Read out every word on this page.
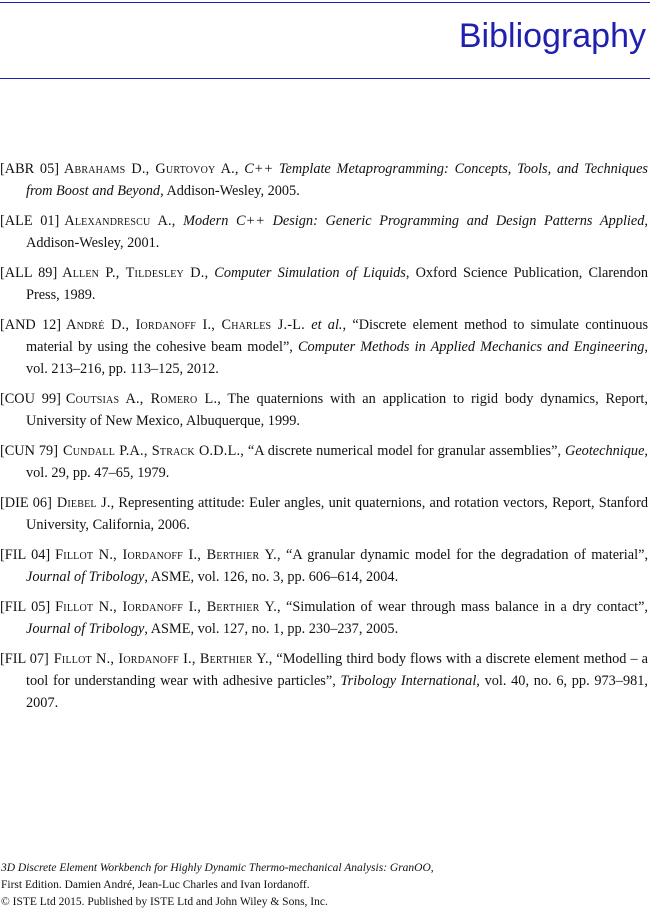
Bibliography
[ABR 05] Abrahams D., Gurtovoy A., C++ Template Metaprogramming: Concepts, Tools, and Techniques from Boost and Beyond, Addison-Wesley, 2005.
[ALE 01] Alexandrescu A., Modern C++ Design: Generic Programming and Design Patterns Applied, Addison-Wesley, 2001.
[ALL 89] Allen P., Tildesley D., Computer Simulation of Liquids, Oxford Science Publication, Clarendon Press, 1989.
[AND 12] André D., Iordanoff I., Charles J.-L. et al., “Discrete element method to simulate continuous material by using the cohesive beam model”, Computer Methods in Applied Mechanics and Engineering, vol. 213–216, pp. 113–125, 2012.
[COU 99] Coutsias A., Romero L., The quaternions with an application to rigid body dynamics, Report, University of New Mexico, Albuquerque, 1999.
[CUN 79] Cundall P.A., Strack O.D.L., “A discrete numerical model for granular assemblies”, Geotechnique, vol. 29, pp. 47–65, 1979.
[DIE 06] Diebel J., Representing attitude: Euler angles, unit quaternions, and rotation vectors, Report, Stanford University, California, 2006.
[FIL 04] Fillot N., Iordanoff I., Berthier Y., “A granular dynamic model for the degradation of material”, Journal of Tribology, ASME, vol. 126, no. 3, pp. 606–614, 2004.
[FIL 05] Fillot N., Iordanoff I., Berthier Y., “Simulation of wear through mass balance in a dry contact”, Journal of Tribology, ASME, vol. 127, no. 1, pp. 230–237, 2005.
[FIL 07] Fillot N., Iordanoff I., Berthier Y., “Modelling third body flows with a discrete element method – a tool for understanding wear with adhesive particles”, Tribology International, vol. 40, no. 6, pp. 973–981, 2007.
3D Discrete Element Workbench for Highly Dynamic Thermo-mechanical Analysis: GranOO,
First Edition. Damien André, Jean-Luc Charles and Ivan Iordanoff.
© ISTE Ltd 2015. Published by ISTE Ltd and John Wiley & Sons, Inc.
